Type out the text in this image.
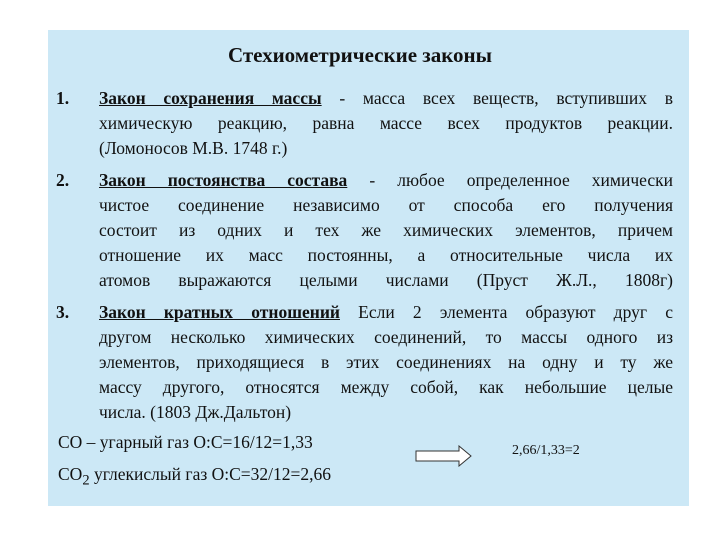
Стехиометрические законы
1. Закон сохранения массы - масса всех веществ, вступивших в
химическую реакцию, равна массе всех продуктов реакции.
(Ломоносов М.В. 1748 г.)
2. Закон постоянства состава - любое определенное химически
чистое соединение независимо от способа его получения
состоит из одних и тех же химических элементов, причем
отношение их масс постоянны, а относительные числа их
атомов выражаются целыми числами (Пруст Ж.Л., 1808г)
3. Закон кратных отношений Если 2 элемента образуют друг с
другом несколько химических соединений, то массы одного из
элементов, приходящиеся в этих соединениях на одну и ту же
массу другого, относятся между собой, как небольшие целые
числа. (1803 Дж.Дальтон)
CO – угарный газ O:C=16/12=1,33
$CO_2$ углекислый газ O:C=32/12=2,66
2,66/1,33=2
